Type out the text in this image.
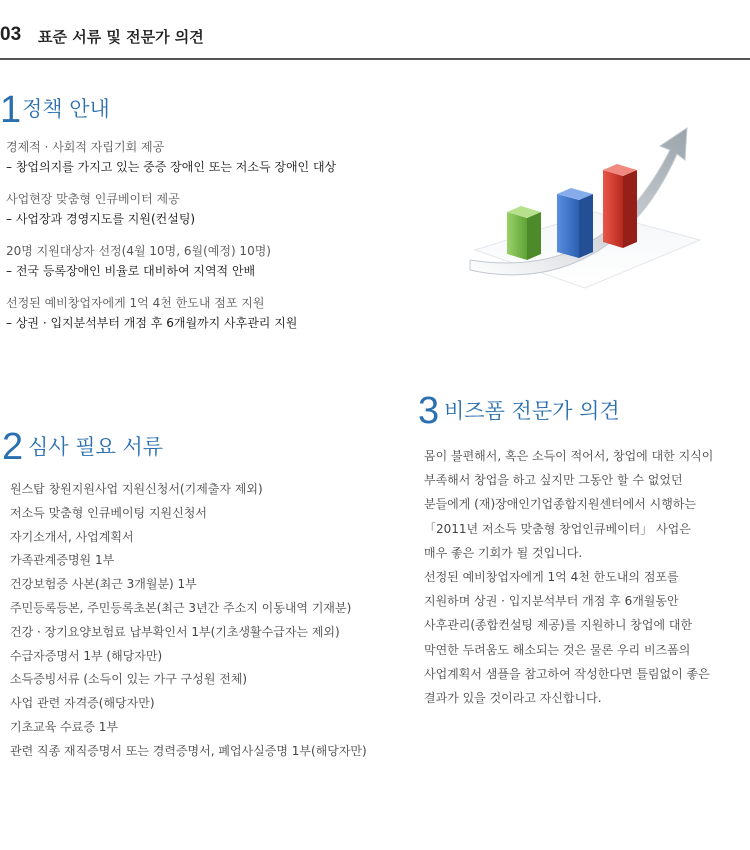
03 표준 서류 및 전문가 의견
1 정책 안내
경제적 · 사회적 자립기회 제공
– 창업의지를 가지고 있는 중증 장애인 또는 저소득 장애인 대상
사업현장 맞춤형 인큐베이터 제공
– 사업장과 경영지도를 지원(컨설팅)
20명 지원대상자 선정(4월 10명, 6월(예정) 10명)
– 전국 등록장애인 비율로 대비하여 지역적 안배
선정된 예비창업자에게 1억 4천 한도내 점포 지원
– 상권 · 입지분석부터 개점 후 6개월까지 사후관리 지원
2 심사 필요 서류
원스탑 창원지원사업 지원신청서(기제출자 제외)
저소득 맞춤형 인큐베이팅 지원신청서
자기소개서, 사업계획서
가족관계증명원 1부
건강보험증 사본(최근 3개월분) 1부
주민등록등본, 주민등록초본(최근 3년간 주소지 이동내역 기재분)
건강 · 장기요양보험료 납부확인서 1부(기초생활수급자는 제외)
수급자증명서 1부 (해당자만)
소득증빙서류 (소득이 있는 가구 구성원 전체)
사업 관련 자격증(해당자만)
기초교육 수료증 1부
관련 직종 재직증명서 또는 경력증명서, 폐업사실증명 1부(해당자만)
3 비즈폼 전문가 의견
몸이 불편해서, 혹은 소득이 적어서, 창업에 대한 지식이
부족해서 창업을 하고 싶지만 그동안 할 수 없었던
분들에게 (재)장애인기업종합지원센터에서 시행하는
「2011년 저소득 맞춤형 창업인큐베이터」 사업은
매우 좋은 기회가 될 것입니다.
선정된 예비창업자에게 1억 4천 한도내의 점포를
지원하며 상권 · 입지분석부터 개점 후 6개월동안
사후관리(종합컨설팅 제공)를 지원하니 창업에 대한
막연한 두려움도 해소되는 것은 물론 우리 비즈폼의
사업계획서 샘플을 참고하여 작성한다면 틀림없이 좋은
결과가 있을 것이라고 자신합니다.
